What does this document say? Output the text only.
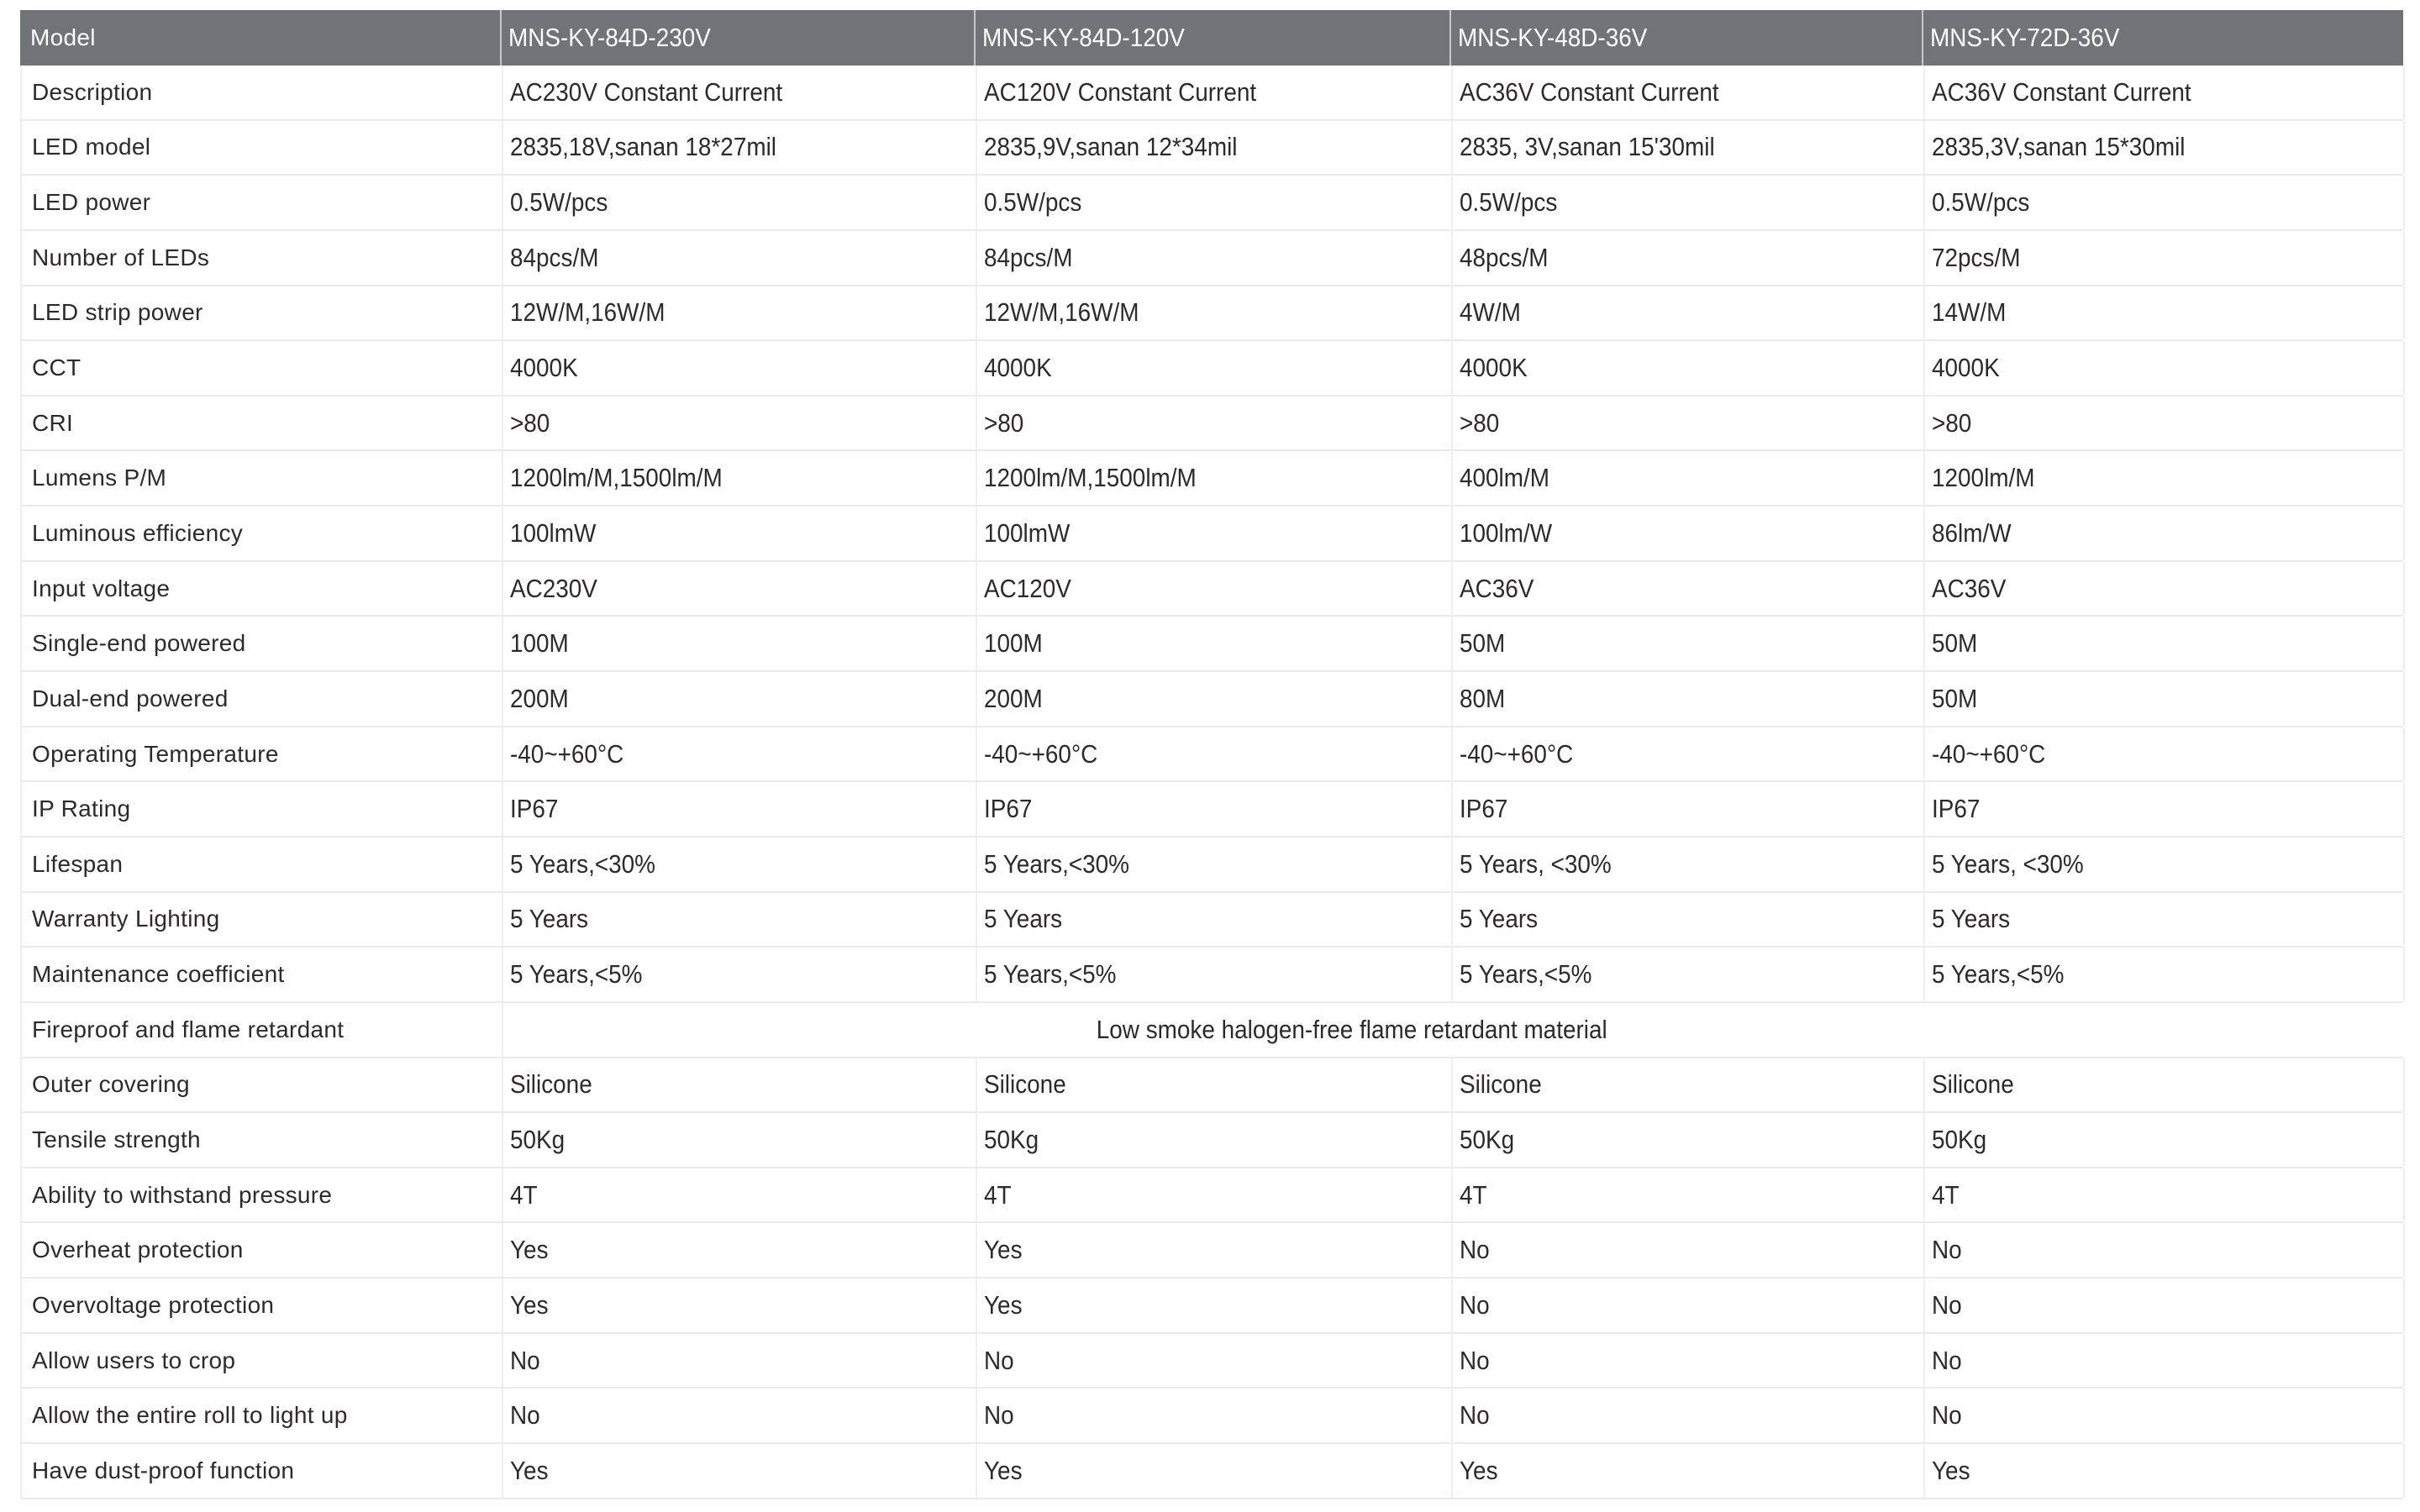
Model	MNS-KY-84D-230V	MNS-KY-84D-120V	MNS-KY-48D-36V	MNS-KY-72D-36V
Description	AC230V Constant Current	AC120V Constant Current	AC36V Constant Current	AC36V Constant Current
LED model	2835,18V,sanan 18*27mil	2835,9V,sanan 12*34mil	2835, 3V,sanan 15'30mil	2835,3V,sanan 15*30mil
LED power	0.5W/pcs	0.5W/pcs	0.5W/pcs	0.5W/pcs
Number of LEDs	84pcs/M	84pcs/M	48pcs/M	72pcs/M
LED strip power	12W/M,16W/M	12W/M,16W/M	4W/M	14W/M
CCT	4000K	4000K	4000K	4000K
CRI	>80	>80	>80	>80
Lumens P/M	1200lm/M,1500lm/M	1200lm/M,1500lm/M	400lm/M	1200lm/M
Luminous efficiency	100lmW	100lmW	100lm/W	86lm/W
Input voltage	AC230V	AC120V	AC36V	AC36V
Single-end powered	100M	100M	50M	50M
Dual-end powered	200M	200M	80M	50M
Operating Temperature	-40~+60°C	-40~+60°C	-40~+60°C	-40~+60°C
IP Rating	IP67	IP67	IP67	IP67
Lifespan	5 Years,<30%	5 Years,<30%	5 Years, <30%	5 Years, <30%
Warranty Lighting	5 Years	5 Years	5 Years	5 Years
Maintenance coefficient	5 Years,<5%	5 Years,<5%	5 Years,<5%	5 Years,<5%
Fireproof and flame retardant	Low smoke halogen-free flame retardant material
Outer covering	Silicone	Silicone	Silicone	Silicone
Tensile strength	50Kg	50Kg	50Kg	50Kg
Ability to withstand pressure	4T	4T	4T	4T
Overheat protection	Yes	Yes	No	No
Overvoltage protection	Yes	Yes	No	No
Allow users to crop	No	No	No	No
Allow the entire roll to light up	No	No	No	No
Have dust-proof function	Yes	Yes	Yes	Yes
